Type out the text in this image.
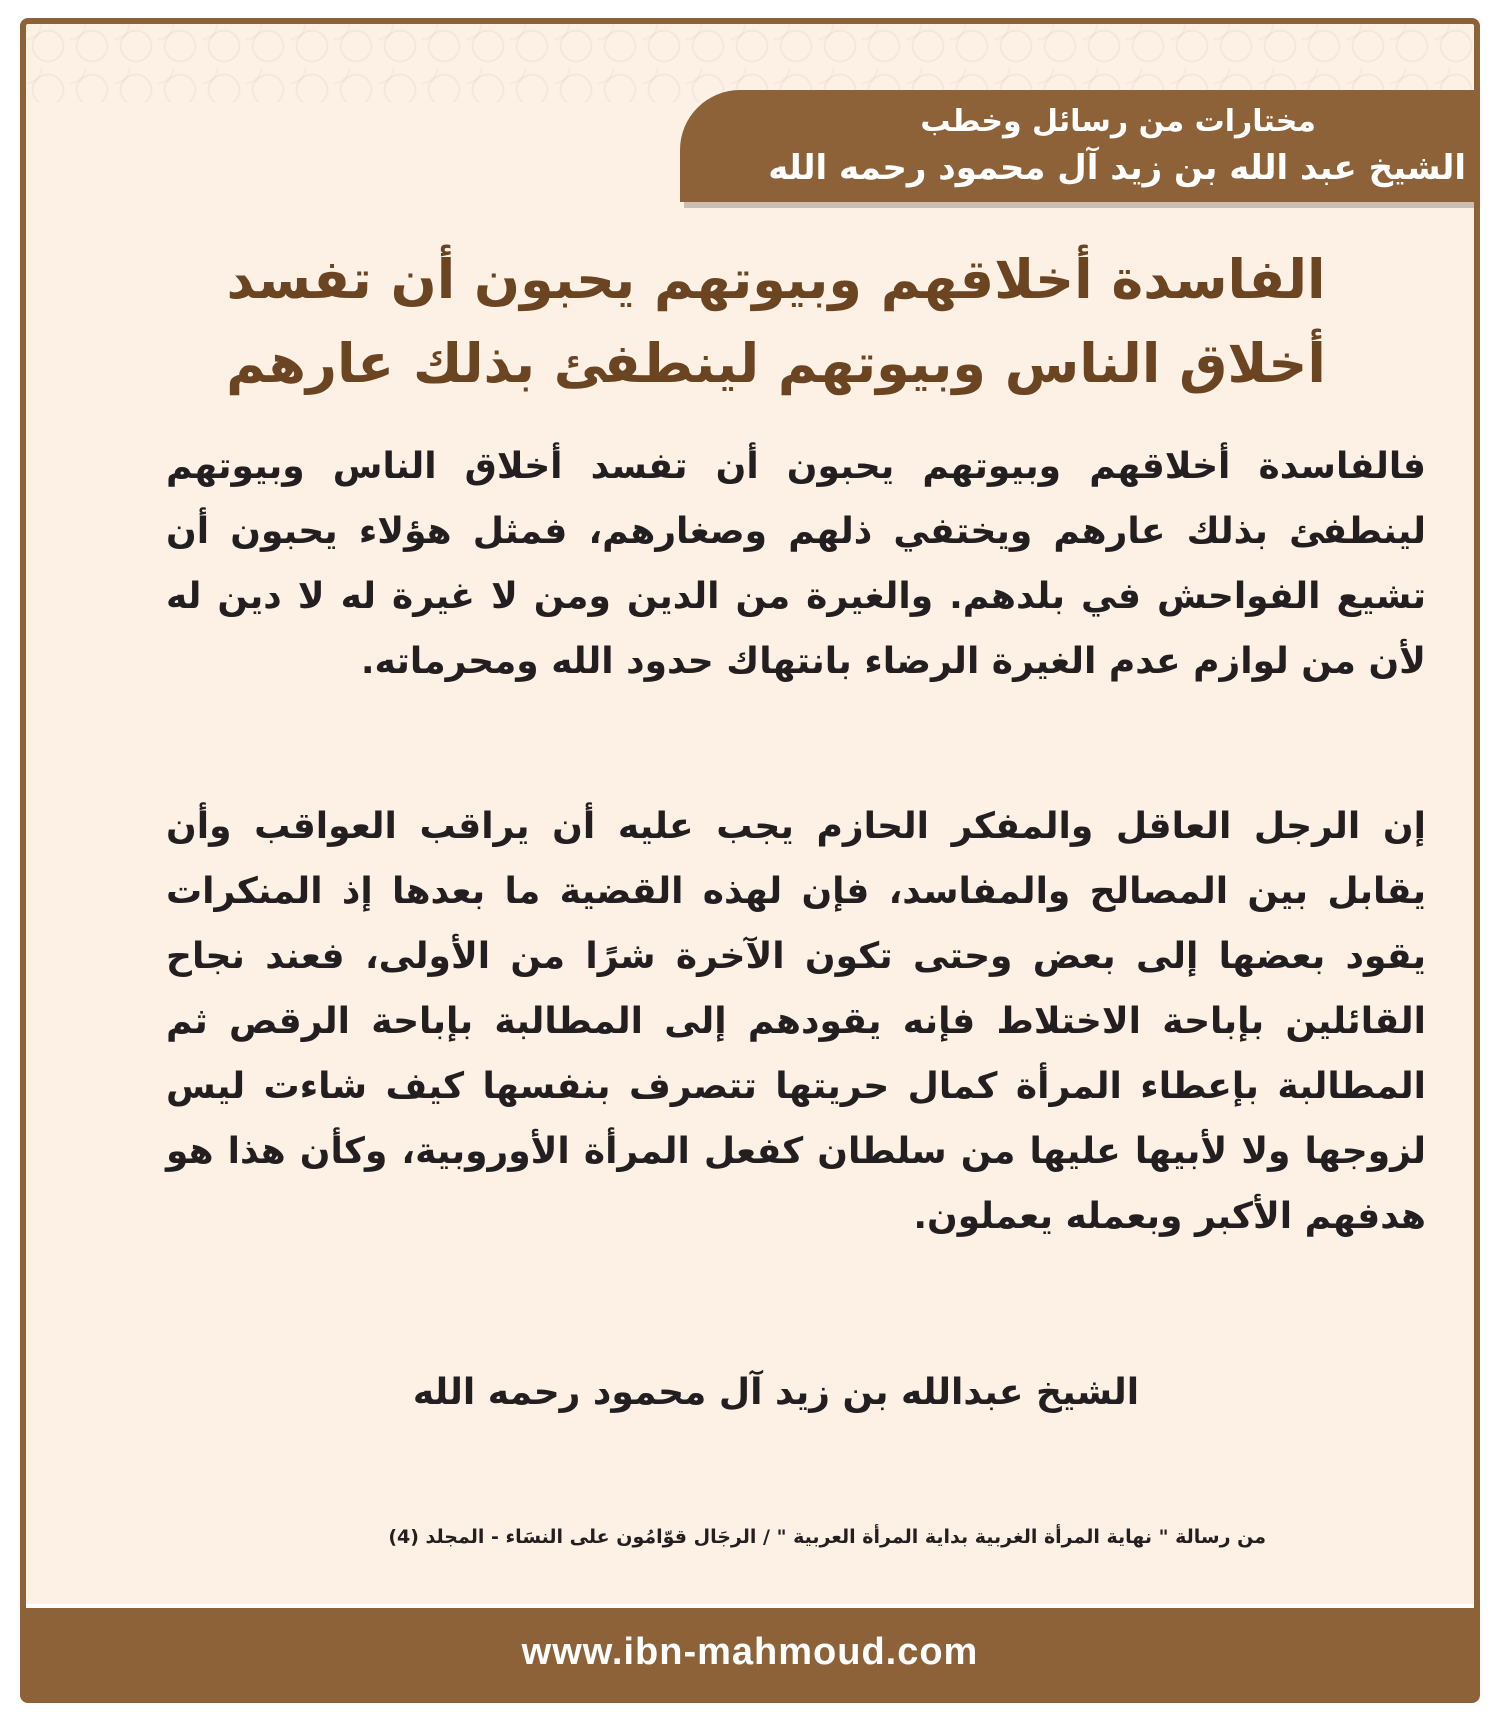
مختارات من رسائل وخطب
الشيخ عبد الله بن زيد آل محمود رحمه الله
الفاسدة أخلاقهم وبيوتهم يحبون أن تفسد أخلاق الناس وبيوتهم لينطفئ بذلك عارهم
فالفاسدة أخلاقهم وبيوتهم يحبون أن تفسد أخلاق الناس وبيوتهم لينطفئ بذلك عارهم ويختفي ذلهم وصغارهم، فمثل هؤلاء يحبون أن تشيع الفواحش في بلدهم. والغيرة من الدين ومن لا غيرة له لا دين له لأن من لوازم عدم الغيرة الرضاء بانتهاك حدود الله ومحرماته.
إن الرجل العاقل والمفكر الحازم يجب عليه أن يراقب العواقب وأن يقابل بين المصالح والمفاسد، فإن لهذه القضية ما بعدها إذ المنكرات يقود بعضها إلى بعض وحتى تكون الآخرة شرًا من الأولى، فعند نجاح القائلين بإباحة الاختلاط فإنه يقودهم إلى المطالبة بإباحة الرقص ثم المطالبة بإعطاء المرأة كمال حريتها تتصرف بنفسها كيف شاءت ليس لزوجها ولا لأبيها عليها من سلطان كفعل المرأة الأوروبية، وكأن هذا هو هدفهم الأكبر وبعمله يعملون.
الشيخ عبدالله بن زيد آل محمود رحمه الله
من رسالة " نهاية المرأة الغربية بداية المرأة العربية " / الرجَال قوّامُون على النسَاء - المجلد (4)
www.ibn-mahmoud.com
